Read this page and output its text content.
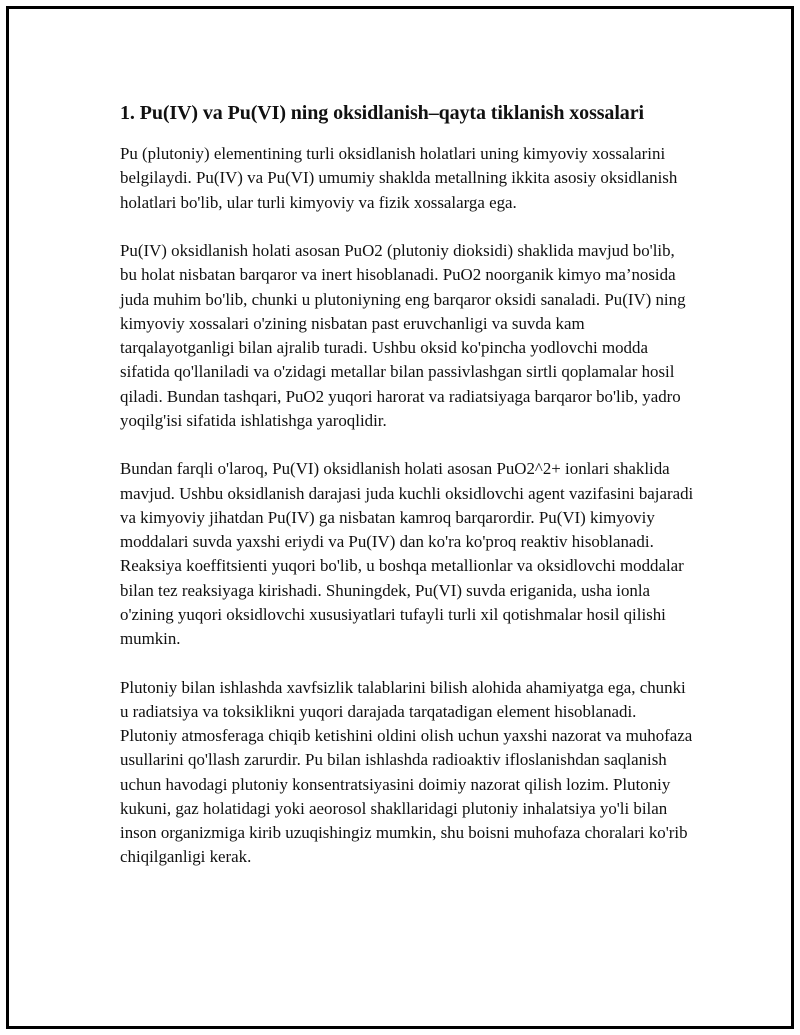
1. Pu(IV) va Pu(VI) ning oksidlanish–qayta tiklanish xossalari

Pu (plutoniy) elementining turli oksidlanish holatlari uning kimyoviy xossalarini belgilaydi. Pu(IV) va Pu(VI) umumiy shaklda metallning ikkita asosiy oksidlanish holatlari bo'lib, ular turli kimyoviy va fizik xossalarga ega.

Pu(IV) oksidlanish holati asosan PuO2 (plutoniy dioksidi) shaklida mavjud bo'lib, bu holat nisbatan barqaror va inert hisoblanadi. PuO2 noorganik kimyo ma’nosida juda muhim bo'lib, chunki u plutoniyning eng barqaror oksidi sanaladi. Pu(IV) ning kimyoviy xossalari o'zining nisbatan past eruvchanligi va suvda kam tarqalayotganligi bilan ajralib turadi. Ushbu oksid ko'pincha yodlovchi modda sifatida qo'llaniladi va o'zidagi metallar bilan passivlashgan sirtli qoplamalar hosil qiladi. Bundan tashqari, PuO2 yuqori harorat va radiatsiyaga barqaror bo'lib, yadro yoqilg'isi sifatida ishlatishga yaroqlidir.

Bundan farqli o'laroq, Pu(VI) oksidlanish holati asosan PuO2^2+ ionlari shaklida mavjud. Ushbu oksidlanish darajasi juda kuchli oksidlovchi agent vazifasini bajaradi va kimyoviy jihatdan Pu(IV) ga nisbatan kamroq barqarordir. Pu(VI) kimyoviy moddalari suvda yaxshi eriydi va Pu(IV) dan ko'ra ko'proq reaktiv hisoblanadi. Reaksiya koeffitsienti yuqori bo'lib, u boshqa metallionlar va oksidlovchi moddalar bilan tez reaksiyaga kirishadi. Shuningdek, Pu(VI) suvda eriganida, usha ionla o'zining yuqori oksidlovchi xususiyatlari tufayli turli xil qotishmalar hosil qilishi mumkin.

Plutoniy bilan ishlashda xavfsizlik talablarini bilish alohida ahamiyatga ega, chunki u radiatsiya va toksiklikni yuqori darajada tarqatadigan element hisoblanadi. Plutoniy atmosferaga chiqib ketishini oldini olish uchun yaxshi nazorat va muhofaza usullarini qo'llash zarurdir. Pu bilan ishlashda radioaktiv ifloslanishdan saqlanish uchun havodagi plutoniy konsentratsiyasini doimiy nazorat qilish lozim. Plutoniy kukuni, gaz holatidagi yoki aeorosol shakllaridagi plutoniy inhalatsiya yo'li bilan inson organizmiga kirib uzuqishingiz mumkin, shu boisni muhofaza choralari ko'rib chiqilganligi kerak.
